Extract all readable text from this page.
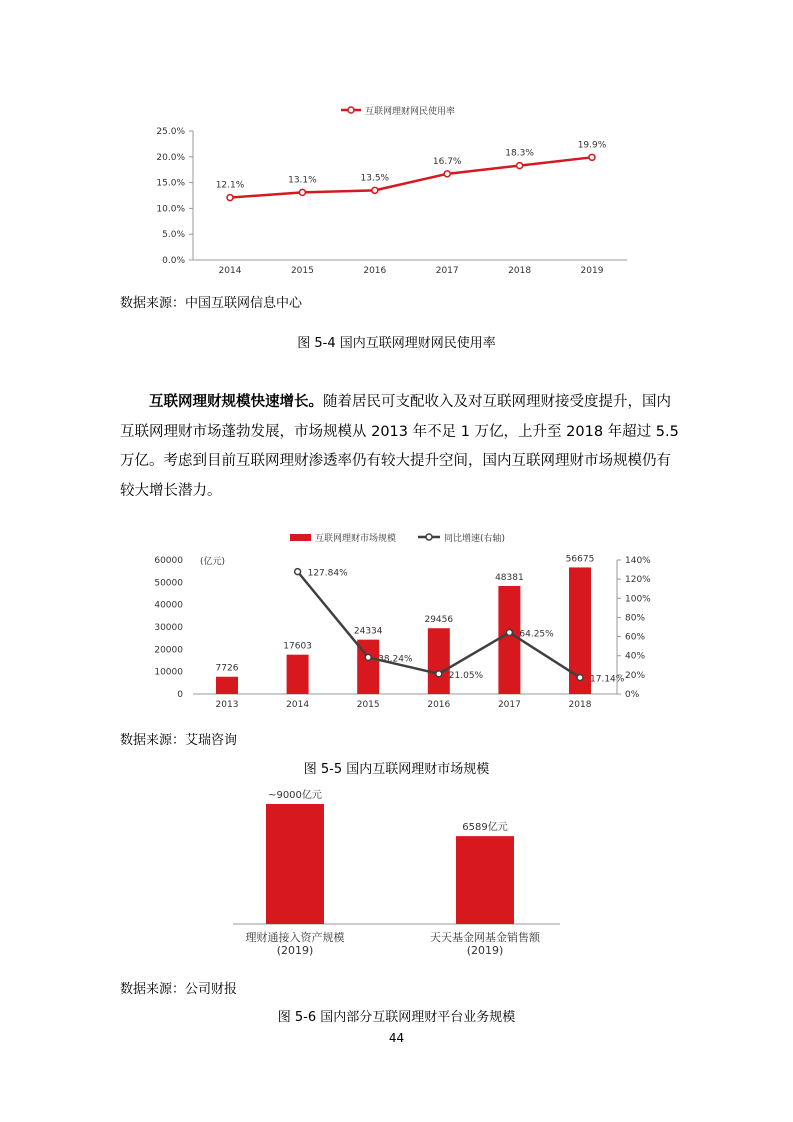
互联网理财网民使用率
0.0%
5.0%
10.0%
15.0%
20.0%
25.0%
2014	2015	2016	2017	2018	2019
12.1%
13.1%	13.5%
16.7%
18.3%
19.9%
数据来源：中国互联网信息中心
图 5-4 国内互联网理财网民使用率

互联网理财规模快速增长。随着居民可支配收入及对互联网理财接受度提升，国内互联网理财市场蓬勃发展，市场规模从 2013 年不足 1 万亿，上升至 2018 年超过 5.5 万亿。考虑到目前互联网理财渗透率仍有较大提升空间，国内互联网理财市场规模仍有较大增长潜力。

互联网理财市场规模	同比增速(右轴)
(亿元)
0
10000
20000
30000
40000
50000
60000
0%
20%
40%
60%
80%
100%
120%
140%
2013	2014	2015	2016	2017	2018
7726
17603
24334
29456
48381
56675
127.84%
38.24%
21.05%
64.25%
17.14%
数据来源：艾瑞咨询
图 5-5 国内互联网理财市场规模
~9000亿元
理财通接入资产规模
(2019)
6589亿元
天天基金网基金销售额
(2019)
数据来源：公司财报
图 5-6 国内部分互联网理财平台业务规模
44
